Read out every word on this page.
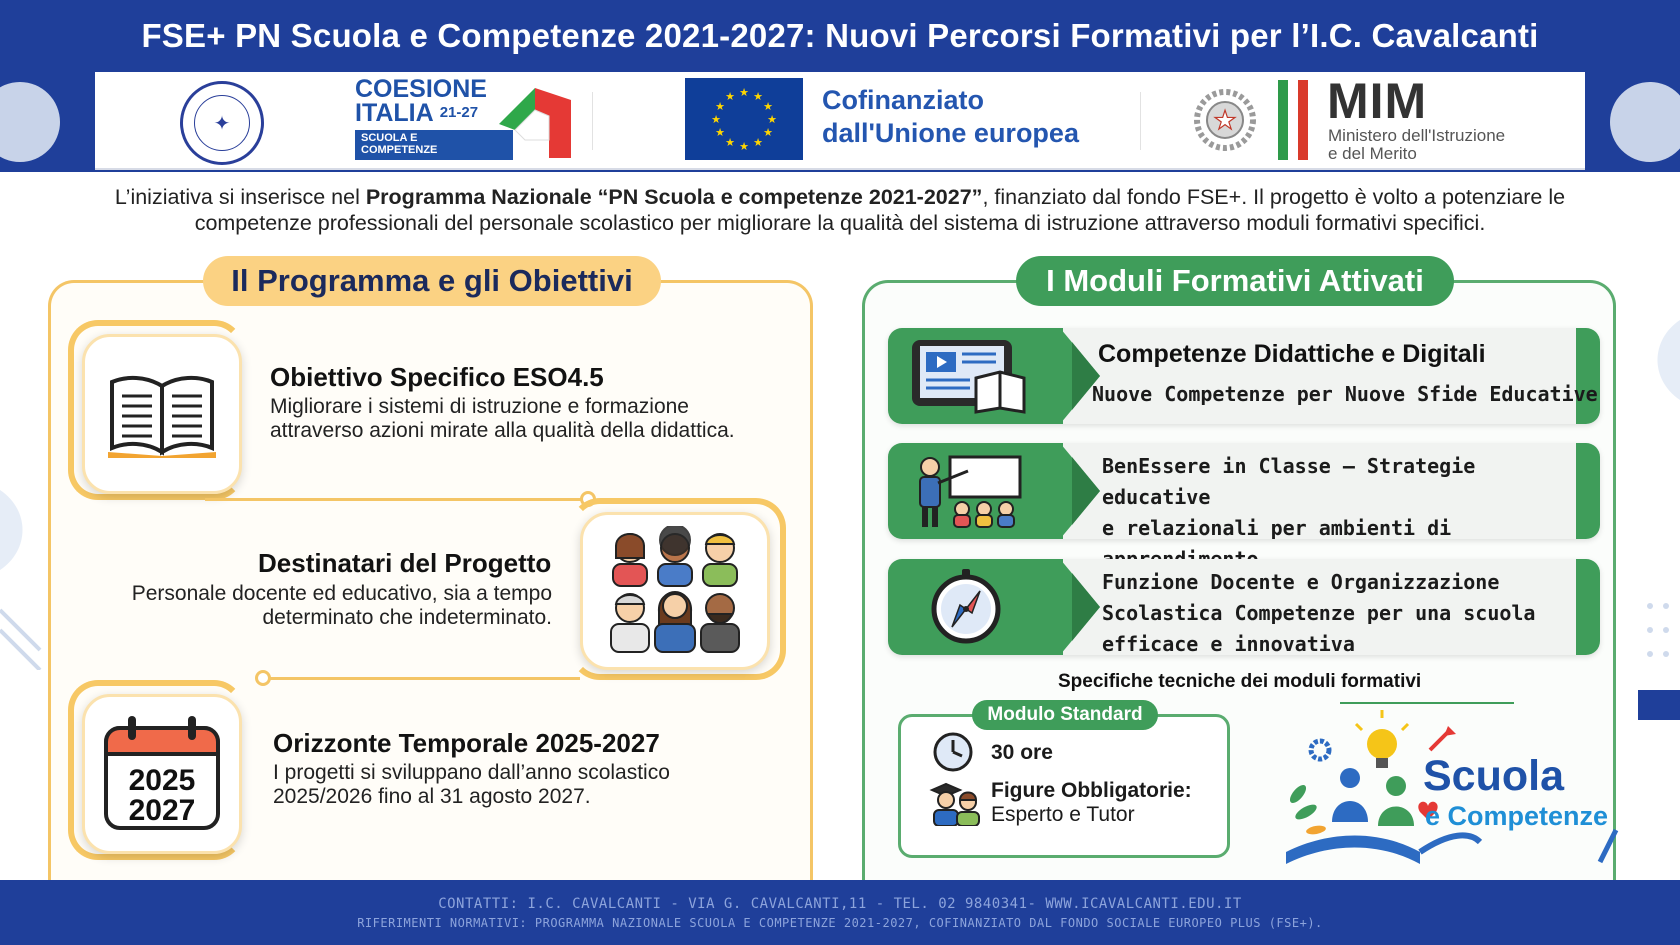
FSE+ PN Scuola e Competenze 2021-2027: Nuovi Percorsi Formativi per l’I.C. Cavalcanti
✦
COESIONE
ITALIA $^{21-27}$
SCUOLA E
COMPETENZE
★ ★
★
★
★
★
★
★
★
★
★
★	Cofinanziato
dall'Unione europea	★ MIM
Ministero dell'Istruzione
e del Merito

L’iniziativa si inserisce nel Programma Nazionale “PN Scuola e competenze 2021-2027”, finanziato dal fondo FSE+. Il progetto è volto a potenziare le competenze professionali del personale scolastico per migliorare la qualità del sistema di istruzione attraverso moduli formativi specifici.

Il Programma e gli Obiettivi
Obiettivo Specifico ESO4.5
Migliorare i sistemi di istruzione e formazione
attraverso azioni mirate alla qualità della didattica.
Destinatari del Progetto
Personale docente ed educativo, sia a tempo
determinato che indeterminato.
2025
2027
Orizzonte Temporale 2025-2027
I progetti si sviluppano dall’anno scolastico
2025/2026 fino al 31 agosto 2027.
I Moduli Formativi Attivati
Competenze Didattiche e Digitali
Nuove Competenze per Nuove Sfide Educative
BenEssere in Classe – Strategie educative
e relazionali per ambienti di
Funzione Docente e Organizzazione
Scolastica Competenze per una scuola
efficace e innovativa
Specifiche tecniche dei moduli formativi
Modulo Standard
30 ore
Figure Obbligatorie:
Esperto e Tutor
Scuola
e Competenze

CONTATTI: I.C. CAVALCANTI - VIA G. CAVALCANTI,11 - TEL. 02 9840341- WWW.ICAVALCANTI.EDU.IT

RIFERIMENTI NORMATIVI: PROGRAMMA NAZIONALE SCUOLA E COMPETENZE 2021-2027, COFINANZIATO DAL FONDO SOCIALE EUROPEO PLUS (FSE+).
